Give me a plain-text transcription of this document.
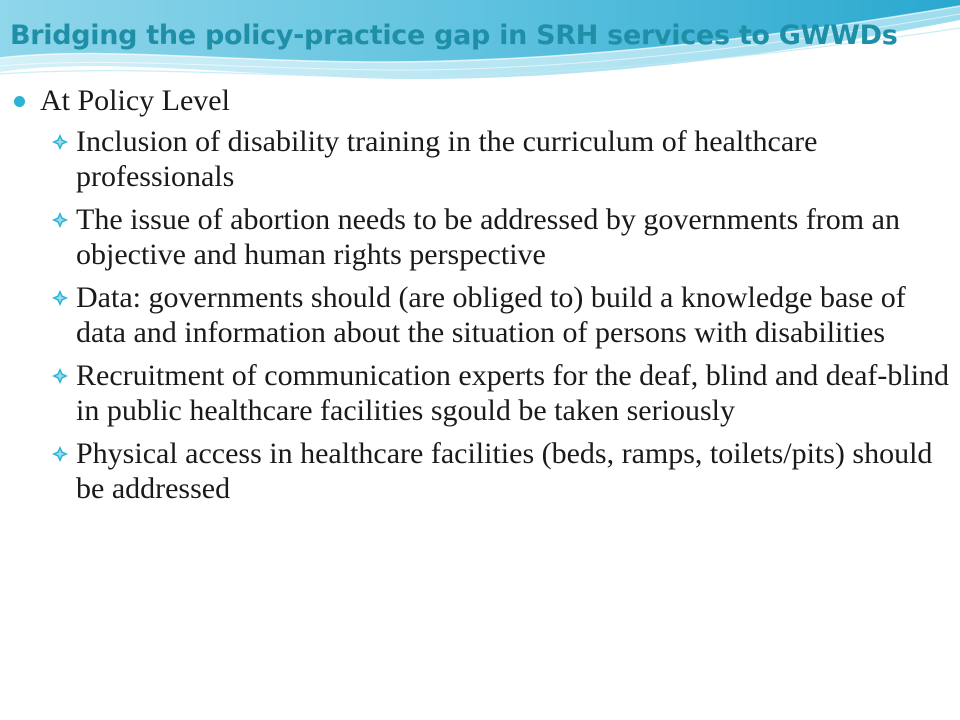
Bridging the policy-practice gap in SRH services to GWWDs
At Policy Level
Inclusion of disability training in the curriculum of healthcare professionals
The issue of abortion needs to be addressed by governments from an objective and human rights perspective
Data: governments should (are obliged to) build a knowledge base of data and information about the situation of persons with disabilities
Recruitment of communication experts for the deaf, blind and deaf-blind in public healthcare facilities sgould be taken seriously
Physical access in healthcare facilities (beds, ramps, toilets/pits) should be addressed
